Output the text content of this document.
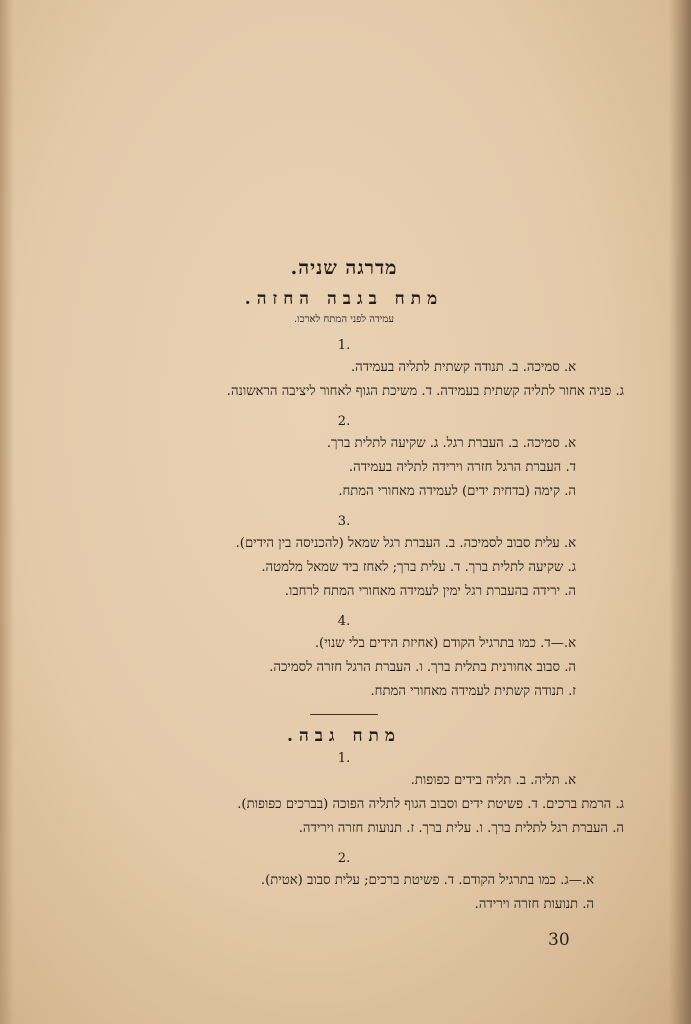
מדרגה שניה.
מתח בגבה החזה.
עמידה לפני המתח לארכו.
1.
א. סמיכה. ב. תנודה קשתית לתליה בעמידה.
ג. פניה אחור לתליה קשתית בעמידה. ד. משיכת הגוף לאחור ליציבה הראשונה.
2.
א. סמיכה. ב. העברת רגל. ג. שקיעה לתלית ברך.
ד. העברת הרגל חזרה וירידה לתליה בעמידה.
ה. קימה (בדחית ידים) לעמידה מאחורי המתח.
3.
א. עלית סבוב לסמיכה. ב. העברת רגל שמאל (להכניסה בין הידים).
ג. שקיעה לתלית ברך. ד. עלית ברך; לאחז ביד שמאל מלמטה.
ה. ירידה בהעברת רגל ימין לעמידה מאחורי המתח לרחבו.
4.
א.—ד. כמו בתרגיל הקודם (אחיזת הידים בלי שנוי).
ה. סבוב אחורנית בתלית ברך. ו. העברת הרגל חזרה לסמיכה.
ז. תנודה קשתית לעמידה מאחורי המתח.
מתח גבה.
1.
א. תליה. ב. תליה בידים כפופות.
ג. הרמת ברכים. ד. פשיטת ידים וסבוב הגוף לתליה הפוכה (בברכים כפופות).
ה. העברת רגל לתלית ברך. ו. עלית ברך. ז. תנועות חזרה וירידה.
2.
א.—ג. כמו בתרגיל הקודם. ד. פשיטת ברכים; עלית סבוב (אטית).
ה. תנועות חזרה וירידה.
30
